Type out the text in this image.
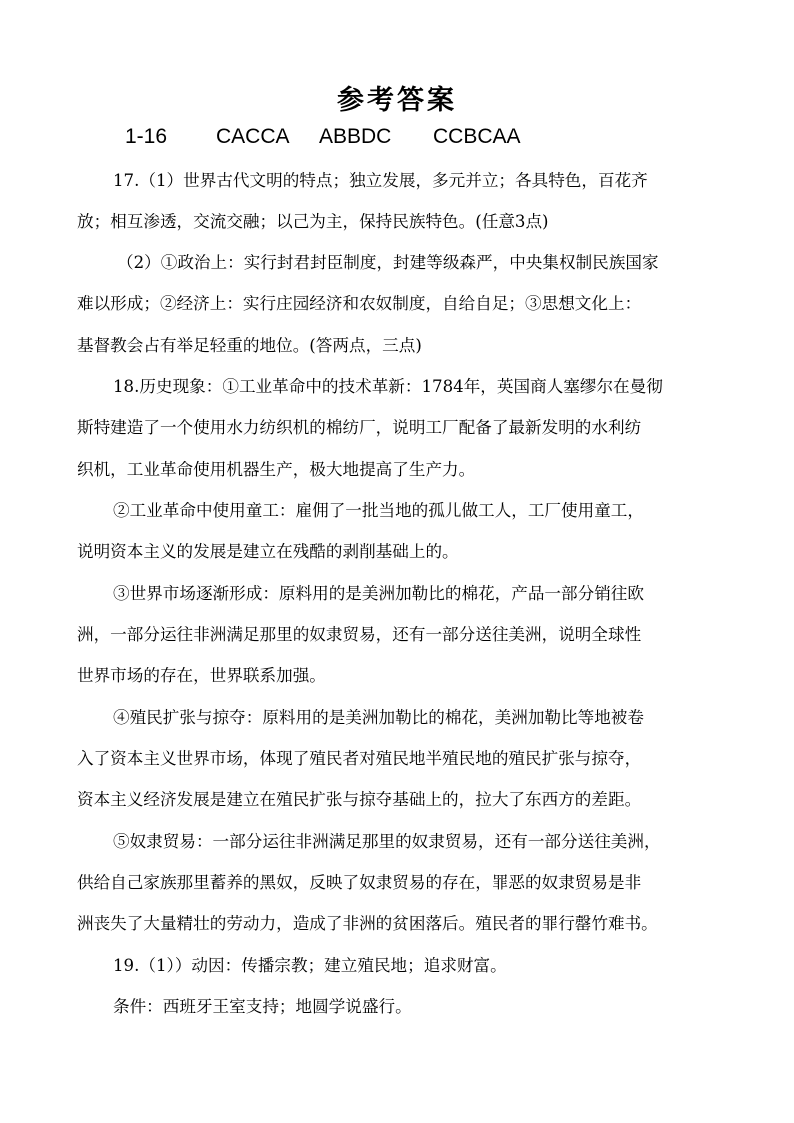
参考答案
1-16 CACCA ABBDC CCBCAA
17.（1）世界古代文明的特点；独立发展，多元并立；各具特色，百花齐
放；相互渗透，交流交融；以己为主，保持民族特色。(任意3点)
（2）①政治上：实行封君封臣制度，封建等级森严，中央集权制民族国家
难以形成；②经济上：实行庄园经济和农奴制度，自给自足；③思想文化上：
基督教会占有举足轻重的地位。(答两点，三点)
18.历史现象：①工业革命中的技术革新：1784年，英国商人塞缪尔在曼彻
斯特建造了一个使用水力纺织机的棉纺厂，说明工厂配备了最新发明的水利纺
织机，工业革命使用机器生产，极大地提高了生产力。
②工业革命中使用童工：雇佣了一批当地的孤儿做工人，工厂使用童工，
说明资本主义的发展是建立在残酷的剥削基础上的。
③世界市场逐渐形成：原料用的是美洲加勒比的棉花，产品一部分销往欧
洲，一部分运往非洲满足那里的奴隶贸易，还有一部分送往美洲，说明全球性
世界市场的存在，世界联系加强。
④殖民扩张与掠夺：原料用的是美洲加勒比的棉花，美洲加勒比等地被卷
入了资本主义世界市场，体现了殖民者对殖民地半殖民地的殖民扩张与掠夺，
资本主义经济发展是建立在殖民扩张与掠夺基础上的，拉大了东西方的差距。
⑤奴隶贸易：一部分运往非洲满足那里的奴隶贸易，还有一部分送往美洲，
供给自己家族那里蓄养的黑奴，反映了奴隶贸易的存在，罪恶的奴隶贸易是非
洲丧失了大量精壮的劳动力，造成了非洲的贫困落后。殖民者的罪行罄竹难书。
19.（1））动因：传播宗教；建立殖民地；追求财富。
条件：西班牙王室支持；地圆学说盛行。
